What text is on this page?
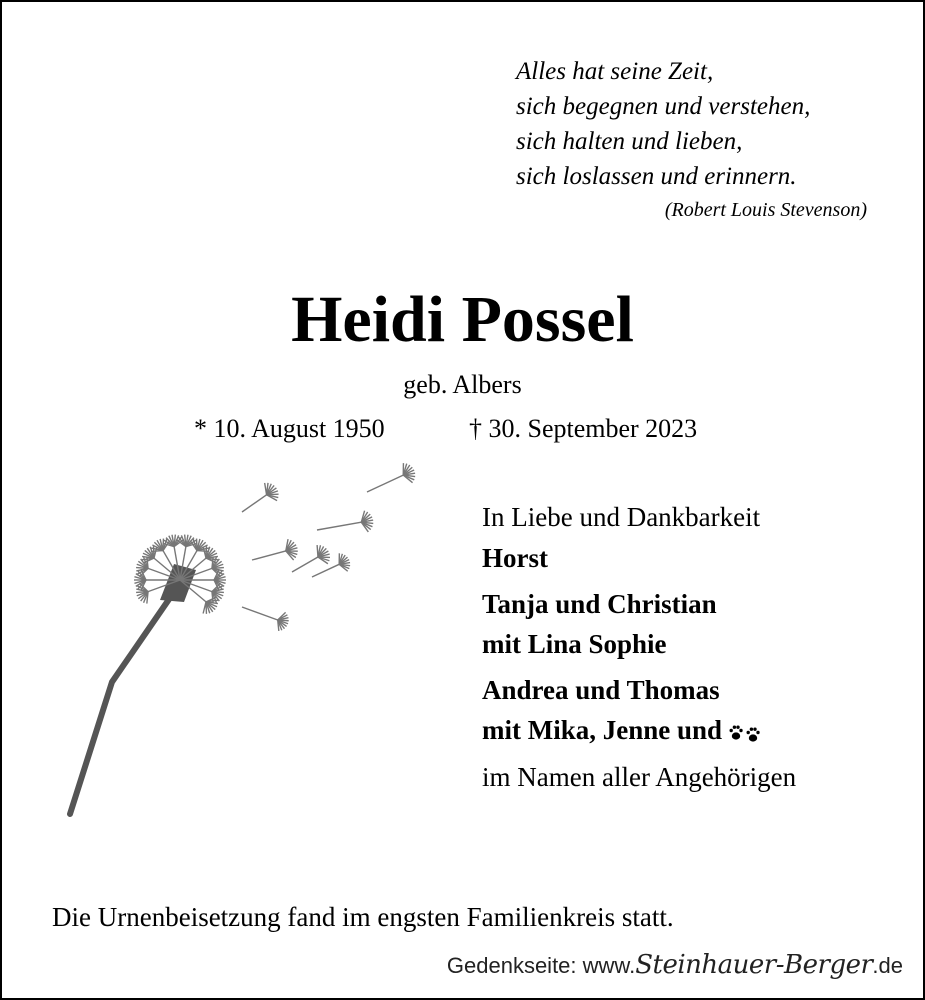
Alles hat seine Zeit,
sich begegnen und verstehen,
sich halten und lieben,
sich loslassen und erinnern.
(Robert Louis Stevenson)
Heidi Possel
geb. Albers
* 10. August 1950	† 30. September 2023
In Liebe und Dankbarkeit
Horst
Tanja und Christian
mit Lina Sophie
Andrea und Thomas
mit Mika, Jenne und
im Namen aller Angehörigen
Die Urnenbeisetzung fand im engsten Familienkreis statt.
Gedenkseite: www.Steinhauer-Berger.de
